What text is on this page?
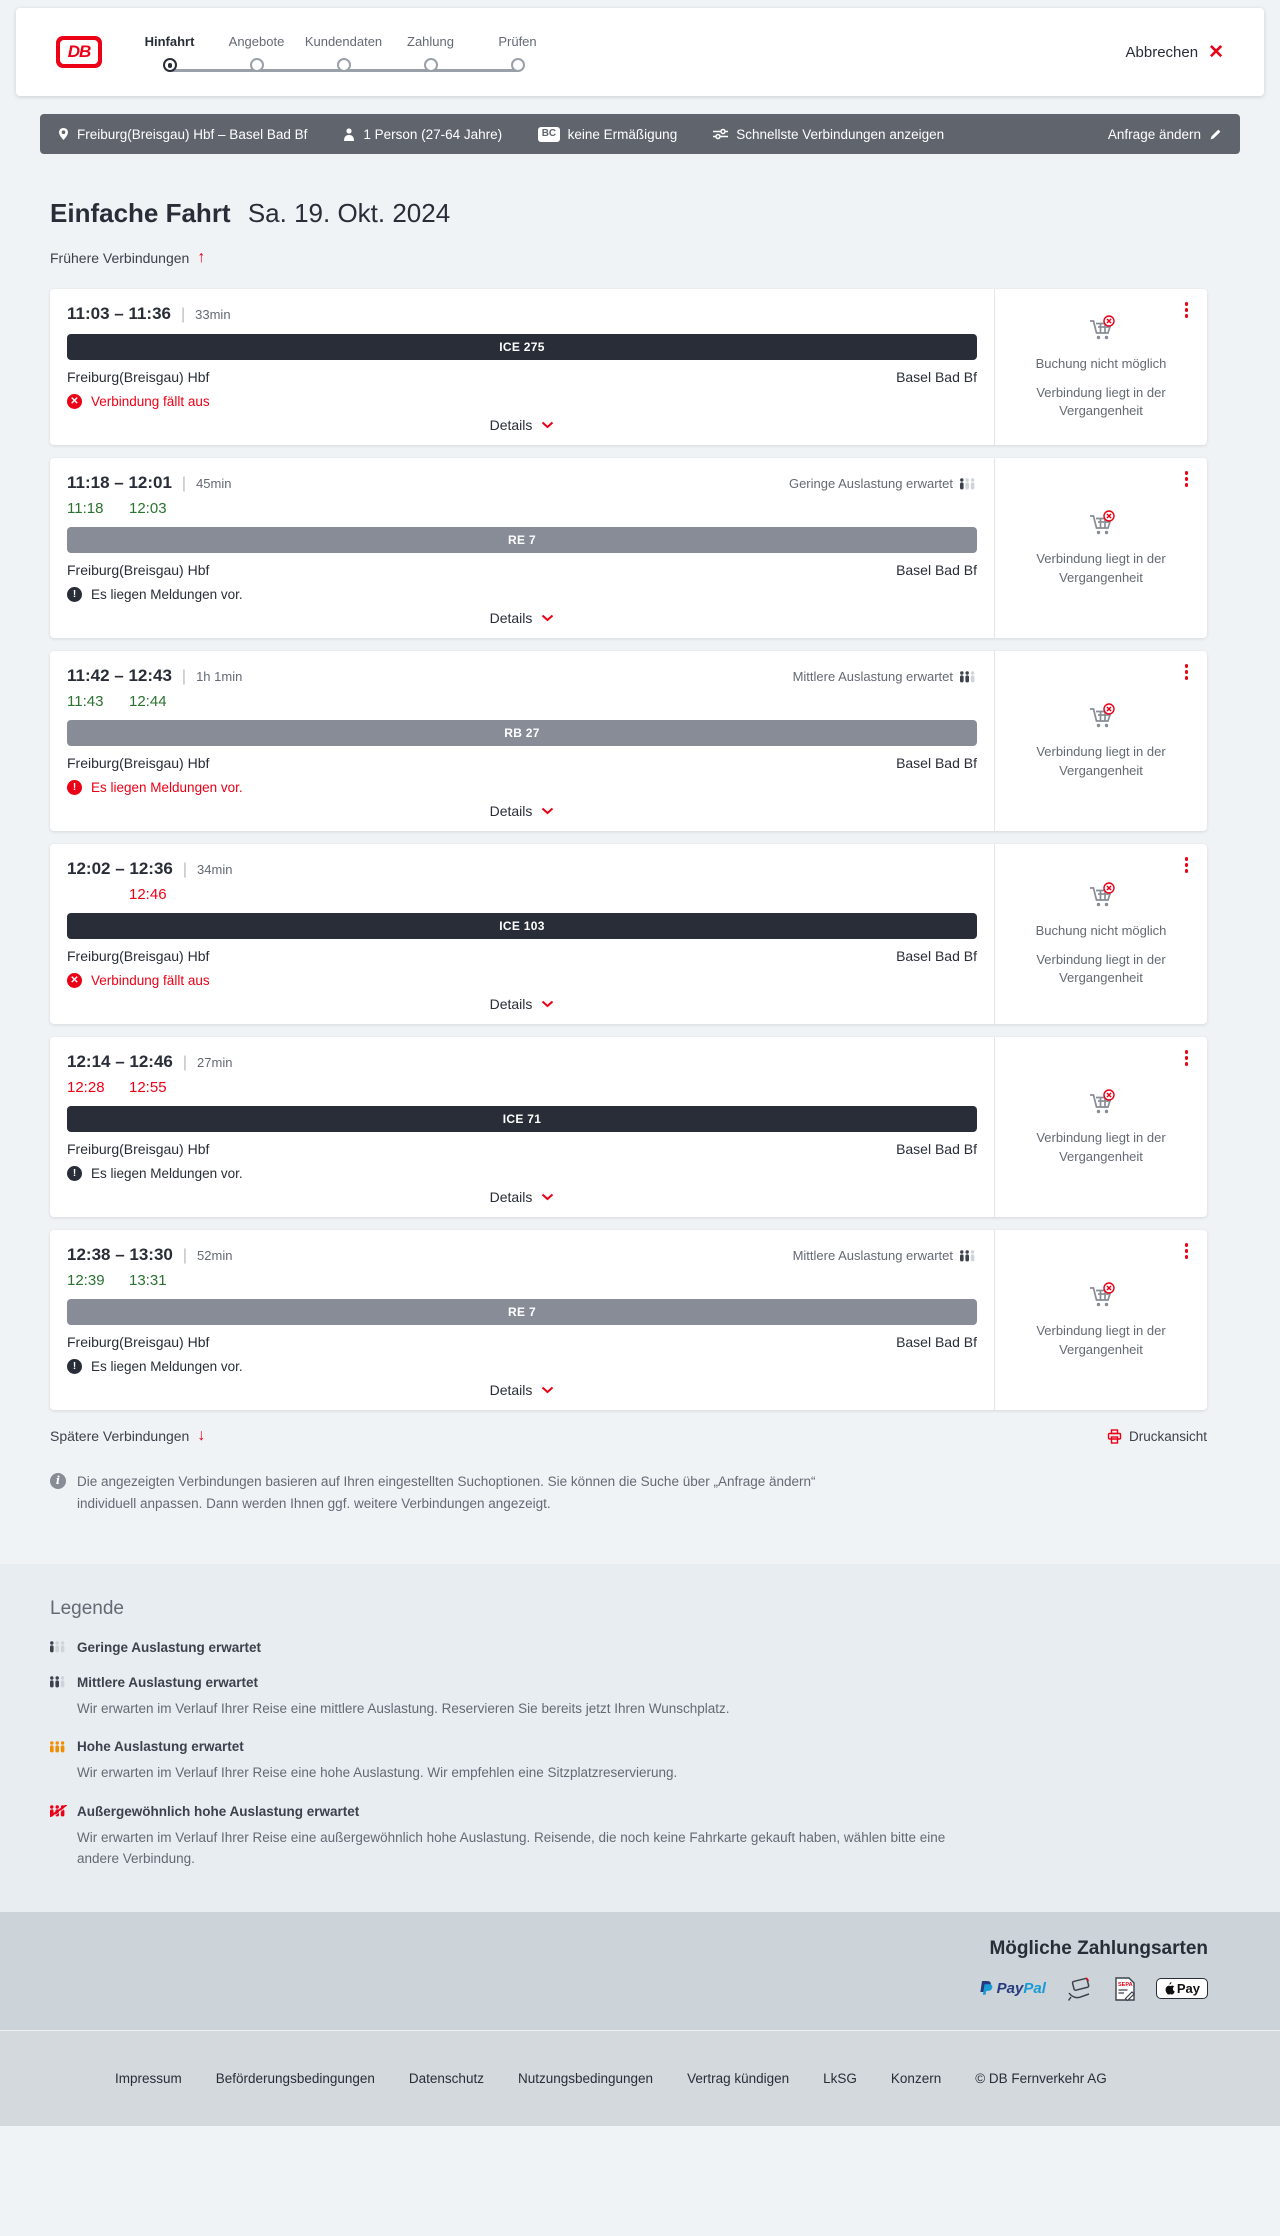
DB
Hinfahrt	Angebote Kundendaten Zahlung	Prüfen
Abbrechen ✕
Freiburg(Breisgau) Hbf – Basel Bad Bf	1 Person (27-64 Jahre)	BC keine Ermäßigung	Schnellste Verbindungen anzeigen	Anfrage ändern
Einfache Fahrt Sa. 19. Okt. 2024
Frühere Verbindungen ↑
11:03 – 11:36 | 33min
ICE 275
Freiburg(Breisgau) Hbf	Basel Bad Bf
✕ Verbindung fällt aus
Details
Buchung nicht möglich
Verbindung liegt in der Vergangenheit
11:18 – 12:01 | 45min	Geringe Auslastung erwartet
11:18	12:03
RE 7
Freiburg(Breisgau) Hbf	Basel Bad Bf
!	Es liegen Meldungen vor.
Details
Verbindung liegt in der Vergangenheit
11:42 – 12:43 | 1h 1min	Mittlere Auslastung erwartet
11:43	12:44
RB 27
Freiburg(Breisgau) Hbf	Basel Bad Bf
!	Es liegen Meldungen vor.
Details
Verbindung liegt in der Vergangenheit
12:02 – 12:36 | 34min
12:46
ICE 103
Freiburg(Breisgau) Hbf	Basel Bad Bf
✕ Verbindung fällt aus
Details
Buchung nicht möglich
Verbindung liegt in der Vergangenheit
12:14 – 12:46 | 27min
12:28	12:55
ICE 71
Freiburg(Breisgau) Hbf	Basel Bad Bf
!	Es liegen Meldungen vor.
Details
Verbindung liegt in der Vergangenheit
12:38 – 13:30 | 52min	Mittlere Auslastung erwartet
12:39	13:31
RE 7
Freiburg(Breisgau) Hbf	Basel Bad Bf
!	Es liegen Meldungen vor.
Details
Verbindung liegt in der Vergangenheit
Spätere Verbindungen ↓	Druckansicht
i	Die angezeigten Verbindungen basieren auf Ihren eingestellten Suchoptionen. Sie können die Suche über „Anfrage ändern“ individuell anpassen. Dann werden Ihnen ggf. weitere Verbindungen angezeigt.
Legende
Geringe Auslastung erwartet
Mittlere Auslastung erwartet
Wir erwarten im Verlauf Ihrer Reise eine mittlere Auslastung. Reservieren Sie bereits jetzt Ihren Wunschplatz.
Hohe Auslastung erwartet
Wir erwarten im Verlauf Ihrer Reise eine hohe Auslastung. Wir empfehlen eine Sitzplatzreservierung.
Außergewöhnlich hohe Auslastung erwartet
Wir erwarten im Verlauf Ihrer Reise eine außergewöhnlich hohe Auslastung. Reisende, die noch keine Fahrkarte gekauft haben, wählen bitte eine andere Verbindung.
Mögliche Zahlungsarten
PayPal	SEPA	Pay
Impressum	Beförderungsbedingungen	Datenschutz	Nutzungsbedingungen	Vertrag kündigen	LkSG	Konzern	© DB Fernverkehr AG
